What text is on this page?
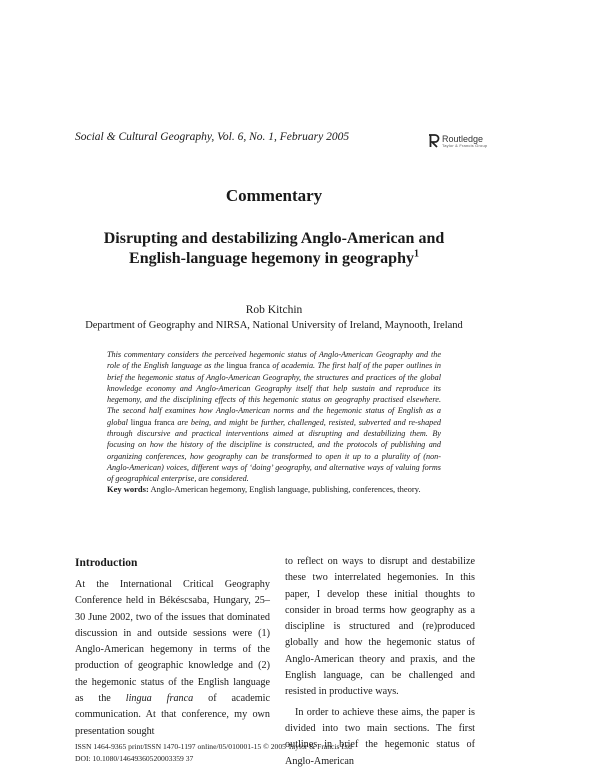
Social & Cultural Geography, Vol. 6, No. 1, February 2005	Routledge
Taylor & Francis Group
Commentary
Disrupting and destabilizing Anglo-American and English-language hegemony in geography$^1$
Rob Kitchin
Department of Geography and NIRSA, National University of Ireland, Maynooth, Ireland
This commentary considers the perceived hegemonic status of Anglo-American Geography and the role of the English language as the lingua franca of academia. The first half of the paper outlines in brief the hegemonic status of Anglo-American Geography, the structures and practices of the global knowledge economy and Anglo-American Geography itself that help sustain and reproduce its hegemony, and the disciplining effects of this hegemonic status on geography practised elsewhere. The second half examines how Anglo-American norms and the hegemonic status of English as a global lingua franca are being, and might be further, challenged, resisted, subverted and re-shaped through discursive and practical interventions aimed at disrupting and destabilizing them. By focusing on how the history of the discipline is constructed, and the protocols of publishing and organizing conferences, how geography can be transformed to open it up to a plurality of (non-Anglo-American) voices, different ways of ‘doing’ geography, and alternative ways of valuing forms of geographical enterprise, are considered.
Key words: Anglo-American hegemony, English language, publishing, conferences, theory.
Introduction

At the International Critical Geography Conference held in Békéscsaba, Hungary, 25–30 June 2002, two of the issues that dominated discussion in and outside sessions were (1) Anglo-American hegemony in terms of the production of geographic knowledge and (2) the hegemonic status of the English language as the lingua franca of academic communication. At that conference, my own presentation sought

to reflect on ways to disrupt and destabilize these two interrelated hegemonies. In this paper, I develop these initial thoughts to consider in broad terms how geography as a discipline is structured and (re)produced globally and how the hegemonic status of Anglo-American theory and praxis, and the English language, can be challenged and resisted in productive ways.

In order to achieve these aims, the paper is divided into two main sections. The first outlines in brief the hegemonic status of Anglo-American

ISSN 1464-9365 print/ISSN 1470-1197 online/05/010001-15 © 2005 Taylor & Francis Ltd
DOI: 10.1080/14649360520003359 37
